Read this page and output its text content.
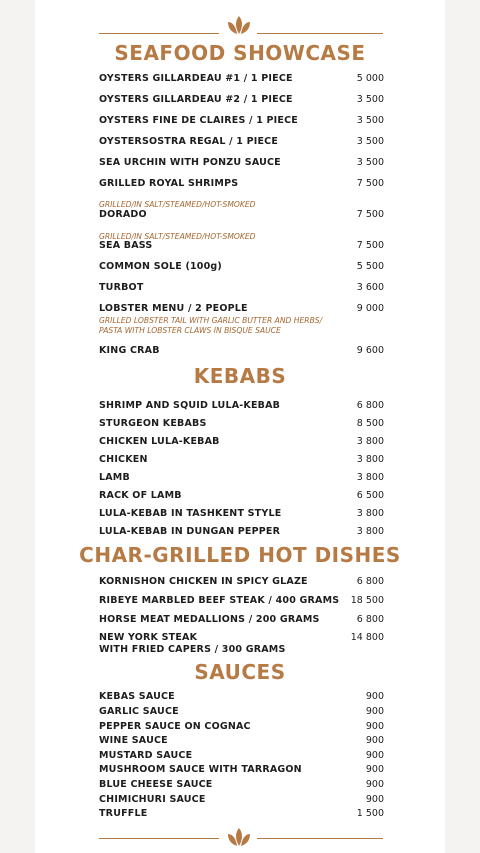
SEAFOOD SHOWCASE
OYSTERS GILLARDEAU #1 / 1 PIECE	5 000
OYSTERS GILLARDEAU #2 / 1 PIECE	3 500
OYSTERS FINE DE CLAIRES / 1 PIECE	3 500
OYSTERSOSTRA REGAL / 1 PIECE	3 500
SEA URCHIN WITH PONZU SAUCE	3 500
GRILLED ROYAL SHRIMPS	7 500
GRILLED/IN SALT/STEAMED/HOT-SMOKED
DORADO	7 500
GRILLED/IN SALT/STEAMED/HOT-SMOKED
SEA BASS	7 500
COMMON SOLE (100g)	5 500
TURBOT	3 600
LOBSTER MENU / 2 PEOPLE	9 000
GRILLED LOBSTER TAIL WITH GARLIC BUTTER AND HERBS/
PASTA WITH LOBSTER CLAWS IN BISQUE SAUCE
KING CRAB	9 600
KEBABS
SHRIMP AND SQUID LULA-KEBAB	6 800
STURGEON KEBABS	8 500
CHICKEN LULA-KEBAB	3 800
CHICKEN	3 800
LAMB	3 800
RACK OF LAMB	6 500
LULA-KEBAB IN TASHKENT STYLE	3 800
LULA-KEBAB IN DUNGAN PEPPER	3 800
CHAR-GRILLED HOT DISHES
KORNISHON CHICKEN IN SPICY GLAZE	6 800
RIBEYE MARBLED BEEF STEAK / 400 GRAMS 18 500
HORSE MEAT MEDALLIONS / 200 GRAMS	6 800
NEW YORK STEAK	14 800
WITH FRIED CAPERS / 300 GRAMS
SAUCES
KEBAS SAUCE	900
GARLIC SAUCE	900
PEPPER SAUCE ON COGNAC	900
WINE SAUCE	900
MUSTARD SAUCE	900
MUSHROOM SAUCE WITH TARRAGON	900
BLUE CHEESE SAUCE	900
CHIMICHURI SAUCE	900
TRUFFLE	1 500
